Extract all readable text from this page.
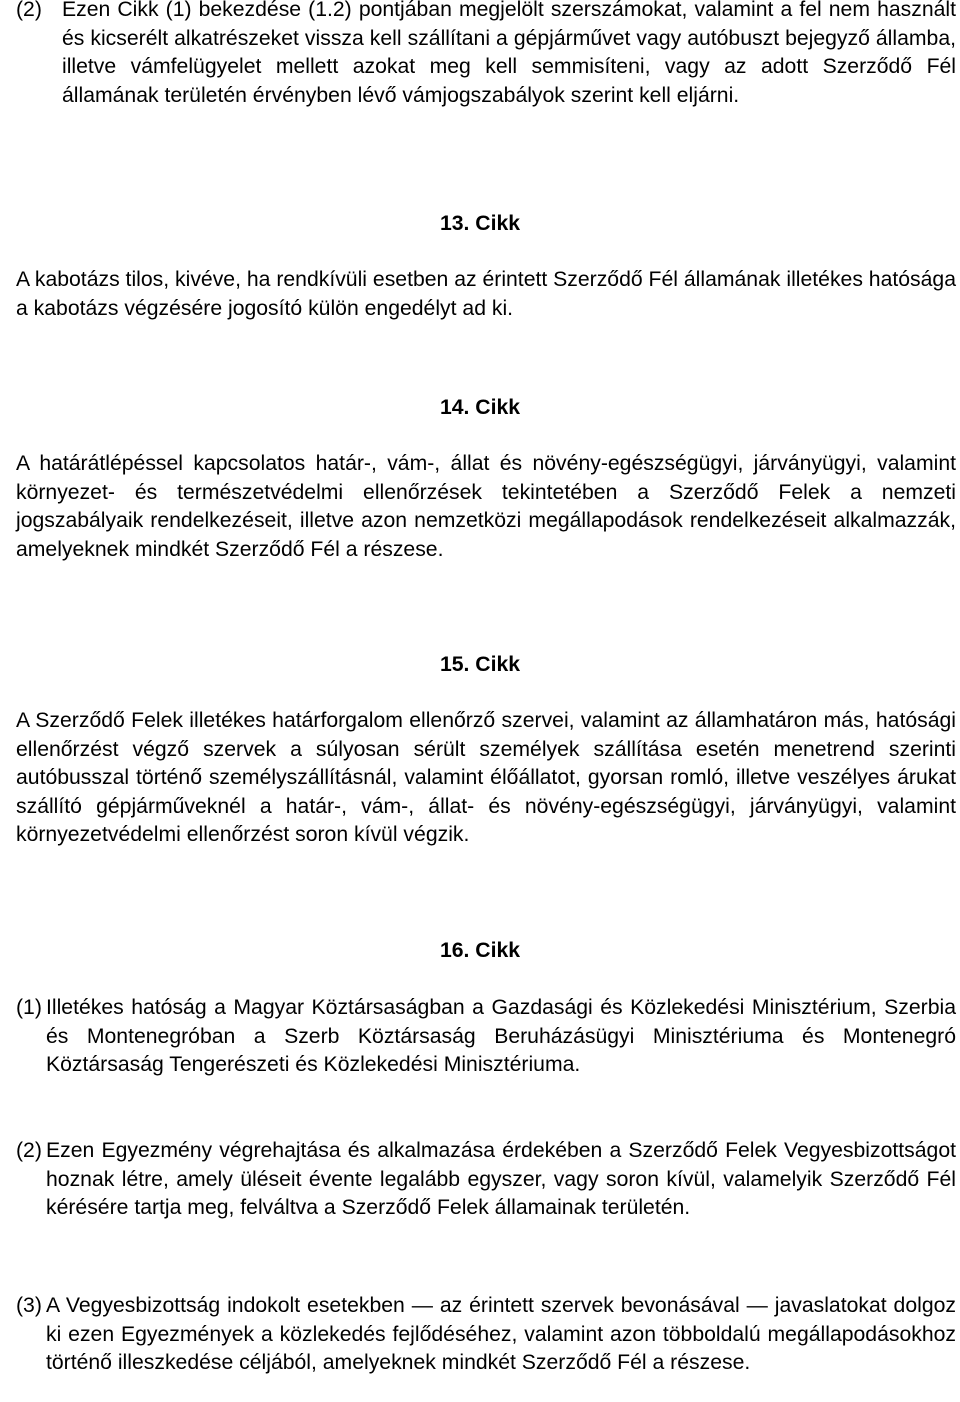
(2) Ezen Cikk (1) bekezdése (1.2) pontjában megjelölt szerszámokat, valamint a fel nem használt és kicserélt alkatrészeket vissza kell szállítani a gépjárművet vagy autóbuszt bejegyző államba, illetve vámfelügyelet mellett azokat meg kell semmisíteni, vagy az adott Szerződő Fél államának területén érvényben lévő vámjogszabályok szerint kell eljárni.

13. Cikk

A kabotázs tilos, kivéve, ha rendkívüli esetben az érintett Szerződő Fél államának illetékes hatósága a kabotázs végzésére jogosító külön engedélyt ad ki.

14. Cikk

A határátlépéssel kapcsolatos határ-, vám-, állat és növény-egészségügyi, járványügyi, valamint környezet- és természetvédelmi ellenőrzések tekintetében a Szerződő Felek a nemzeti jogszabályaik rendelkezéseit, illetve azon nemzetközi megállapodások rendelkezéseit alkalmazzák, amelyeknek mindkét Szerződő Fél a részese.

15. Cikk

A Szerződő Felek illetékes határforgalom ellenőrző szervei, valamint az államhatáron más, hatósági ellenőrzést végző szervek a súlyosan sérült személyek szállítása esetén menetrend szerinti autóbusszal történő személyszállításnál, valamint élőállatot, gyorsan romló, illetve veszélyes árukat szállító gépjárműveknél a határ-, vám-, állat- és növény-egészségügyi, járványügyi, valamint környezetvédelmi ellenőrzést soron kívül végzik.

16. Cikk

(1) Illetékes hatóság a Magyar Köztársaságban a Gazdasági és Közlekedési Minisztérium, Szerbia és Montenegróban a Szerb Köztársaság Beruházásügyi Minisztériuma és Montenegró Köztársaság Tengerészeti és Közlekedési Minisztériuma.
(2) Ezen Egyezmény végrehajtása és alkalmazása érdekében a Szerződő Felek Vegyesbizottságot hoznak létre, amely üléseit évente legalább egyszer, vagy soron kívül, valamelyik Szerződő Fél kérésére tartja meg, felváltva a Szerződő Felek államainak területén.
(3) A Vegyesbizottság indokolt esetekben — az érintett szervek bevonásával — javaslatokat dolgoz ki ezen Egyezmények a közlekedés fejlődéséhez, valamint azon többoldalú megállapodásokhoz történő illeszkedése céljából, amelyeknek mindkét Szerződő Fél a részese.
